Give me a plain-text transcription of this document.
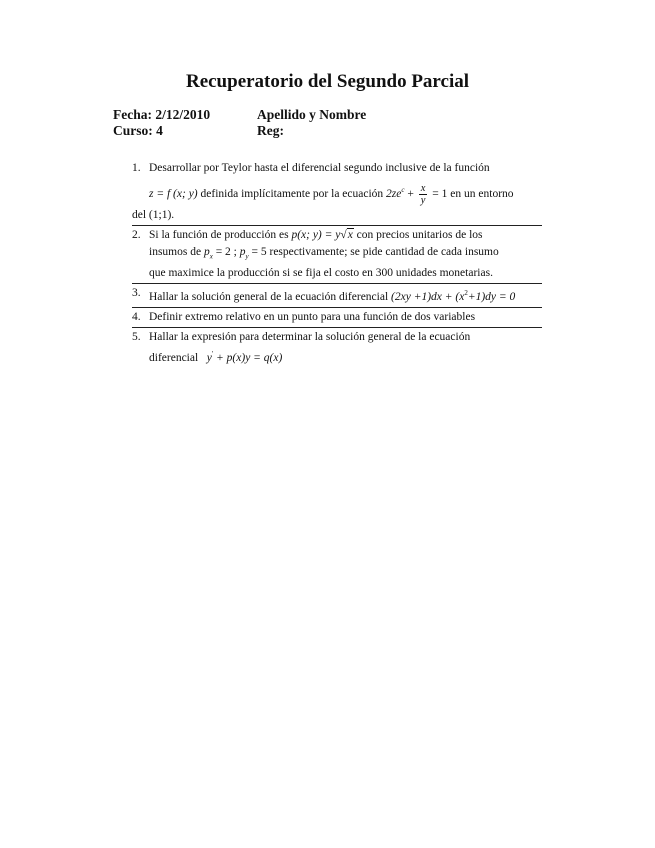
Recuperatorio del Segundo Parcial
Fecha: 2/12/2010
Curso: 4
Apellido y Nombre
Reg:
1. Desarrollar por Teylor hasta el diferencial segundo inclusive de la función
z = f (x; y) definida implícitamente por la ecuación $2ze^c + \frac{x}{y} = 1$ en un entorno
del (1;1).
2. Si la función de producción es p(x; y) = y√x con precios unitarios de los
insumos de $p_x = 2$ ; $p_y = 5$ respectivamente; se pide cantidad de cada insumo
que maximice la producción si se fija el costo en 300 unidades monetarias.
3. Hallar la solución general de la ecuación diferencial $(2xy +1)dx + (x^2+1)dy = 0$
4. Definir extremo relativo en un punto para una función de dos variables
5. Hallar la expresión para determinar la solución general de la ecuación
diferencial y' + p(x)y = q(x)
